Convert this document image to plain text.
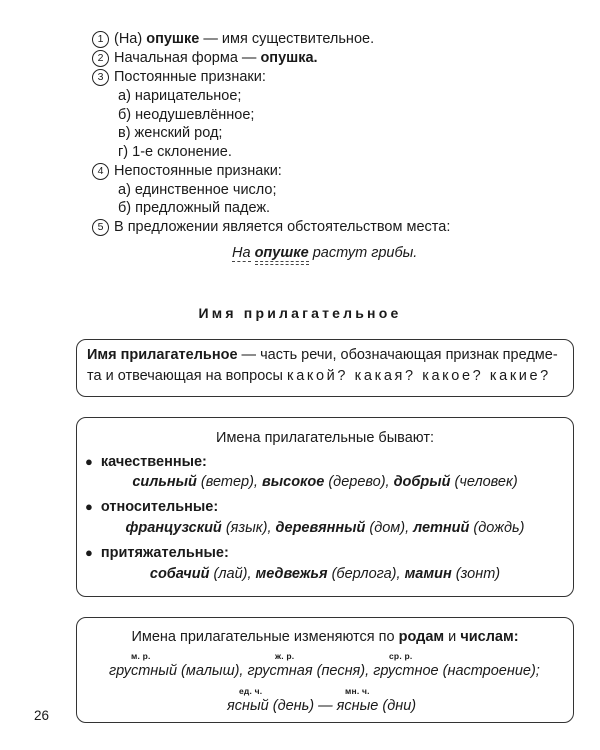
1 (На) опушке — имя существительное.
2 Начальная форма — опушка.
3 Постоянные признаки:
а) нарицательное;
б) неодушевлённое;
в) женский род;
г) 1-е склонение.
4 Непостоянные признаки:
а) единственное число;
б) предложный падеж.
5 В предложении является обстоятельством места:
На опушке растут грибы.
Имя прилагательное
Имя прилагательное — часть речи, обозначающая признак предме-
та и отвечающая на вопросы какой? какая? какое? какие?
Имена прилагательные бывают:
● качественные:
сильный (ветер), высокое (дерево), добрый (человек)
● относительные:
французский (язык), деревянный (дом), летний (дождь)
● притяжательные:
собачий (лай), медвежья (берлога), мамин (зонт)
Имена прилагательные изменяются по родам и числам:
м. р.	ж. р.	ср. р.
грустный (малыш), грустная (песня), грустное (настроение);
ед. ч.	мн. ч.
ясный (день) — ясные (дни)
26
